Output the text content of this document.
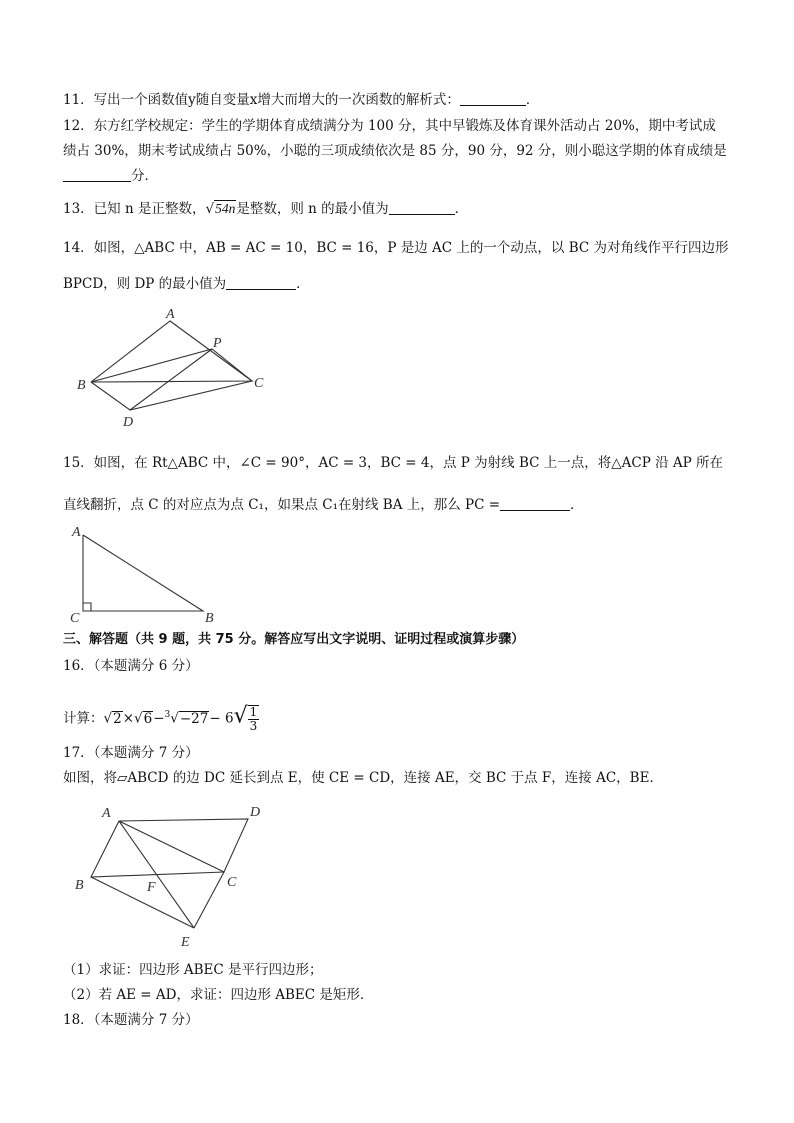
11．写出一个函数值y随自变量x增大而增大的一次函数的解析式：	．
12．东方红学校规定：学生的学期体育成绩满分为 100 分，其中早锻炼及体育课外活动占 20%，期中考试成
绩占 30%，期末考试成绩占 50%，小聪的三项成绩依次是 85 分，90 分，92 分，则小聪这学期的体育成绩是
分．
13．已知 n 是正整数，√54n是整数，则 n 的最小值为	．
14．如图，△ABC 中，AB = AC = 10，BC = 16，P 是边 AC 上的一个动点，以 BC 为对角线作平行四边形
BPCD，则 DP 的最小值为	．
A
P
B	C
D
15．如图，在 Rt△ABC 中，∠C = 90°，AC = 3，BC = 4，点 P 为射线 BC 上一点，将△ACP 沿 AP 所在
直线翻折，点 C 的对应点为点 C₁，如果点 C₁在射线 BA 上，那么 PC =	．
A
C	B
三、解答题（共 9 题，共 75 分。解答应写出文字说明、证明过程或演算步骤）
16．（本题满分 6 分）
计算：$√2\times√6-^3√-27- 6√ \frac{1}{3}$
17．（本题满分 7 分）
如图，将▱ABCD 的边 DC 延长到点 E，使 CE = CD，连接 AE，交 BC 于点 F，连接 AC，BE．
A	D
B	C
F
E
（1）求证：四边形 ABEC 是平行四边形；
（2）若 AE = AD，求证：四边形 ABEC 是矩形．
18．（本题满分 7 分）
